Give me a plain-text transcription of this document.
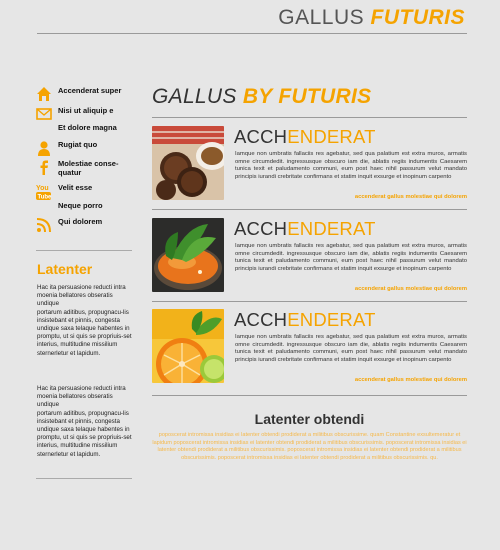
GALLUS FUTURIS
Accenderat super
Nisi ut aliquip e
Et dolore magna
Rugiat quo
Molestiae conse-quatur
You
Tube
Velit esse
Neque porro
Qui dolorem
Latenter
Hac ita persuasione reducti intra moenia bellatores obseratis undique
portarum aditibus, propugnacu-lis
insistebant et pinnis, congesta undique saxa telaque habentes in
promptu, ut si quis se propriuis-set
interius, multitudine missilium sternerletur et lapidum.
Hac ita persuasione reducti intra moenia bellatores obseratis undique
portarum aditibus, propugnacu-lis
insistebant et pinnis, congesta undique saxa telaque habentes in
promptu, ut si quis se propriuis-set
interius, multitudine missilium sternerletur et lapidum.
GALLUS BY FUTURIS
ACCHENDERAT
Iamque non umbratis fallaciis res agebatur, sed qua palatium est extra muros, armatis omne circumdedit. ingressusque obscuro iam die, ablatis regiis indumentis Caesarem tunica texit et paludamento communi, eum post haec nihil passurum velut mandato principis iurandi crebritate confirmans et statim inquit exsurge et inopinum carpento
accenderat gallus molestiae qui dolorem
ACCHENDERAT
Iamque non umbratis fallaciis res agebatur, sed qua palatium est extra muros, armatis omne circumdedit. ingressusque obscuro iam die, ablatis regiis indumentis Caesarem tunica texit et paludamento communi, eum post haec nihil passurum velut mandato principis iurandi crebritate confirmans et statim inquit exsurge et inopinum carpento
accenderat gallus molestiae qui dolorem
ACCHENDERAT
Iamque non umbratis fallaciis res agebatur, sed qua palatium est extra muros, armatis omne circumdedit. ingressusque obscuro iam die, ablatis regiis indumentis Caesarem tunica texit et paludamento communi, eum post haec nihil passurum velut mandato principis iurandi crebritate confirmans et statim inquit exsurge et inopinum carpento
accenderat gallus molestiae qui dolorem
Latenter obtendi
poposcerat intromissa insidias ei latenter obtendi prodiderat a militibus obscurissime. quam Constantine exsultemeratur et lapidum poposcerat intromissa insidias ei latenter obtendi prodiderat a militibus obscurissimis. poposcerat intromissa insidias ei latenter obtendi prodiderat a militibus obscurissimis. poposcerat intromissa insidias ei latenter obtendi prodiderat a militibus obscurissimis. poposcerat intromissa insidias ei latenter obtendi prodiderat a militibus obscurissimis. qu.
